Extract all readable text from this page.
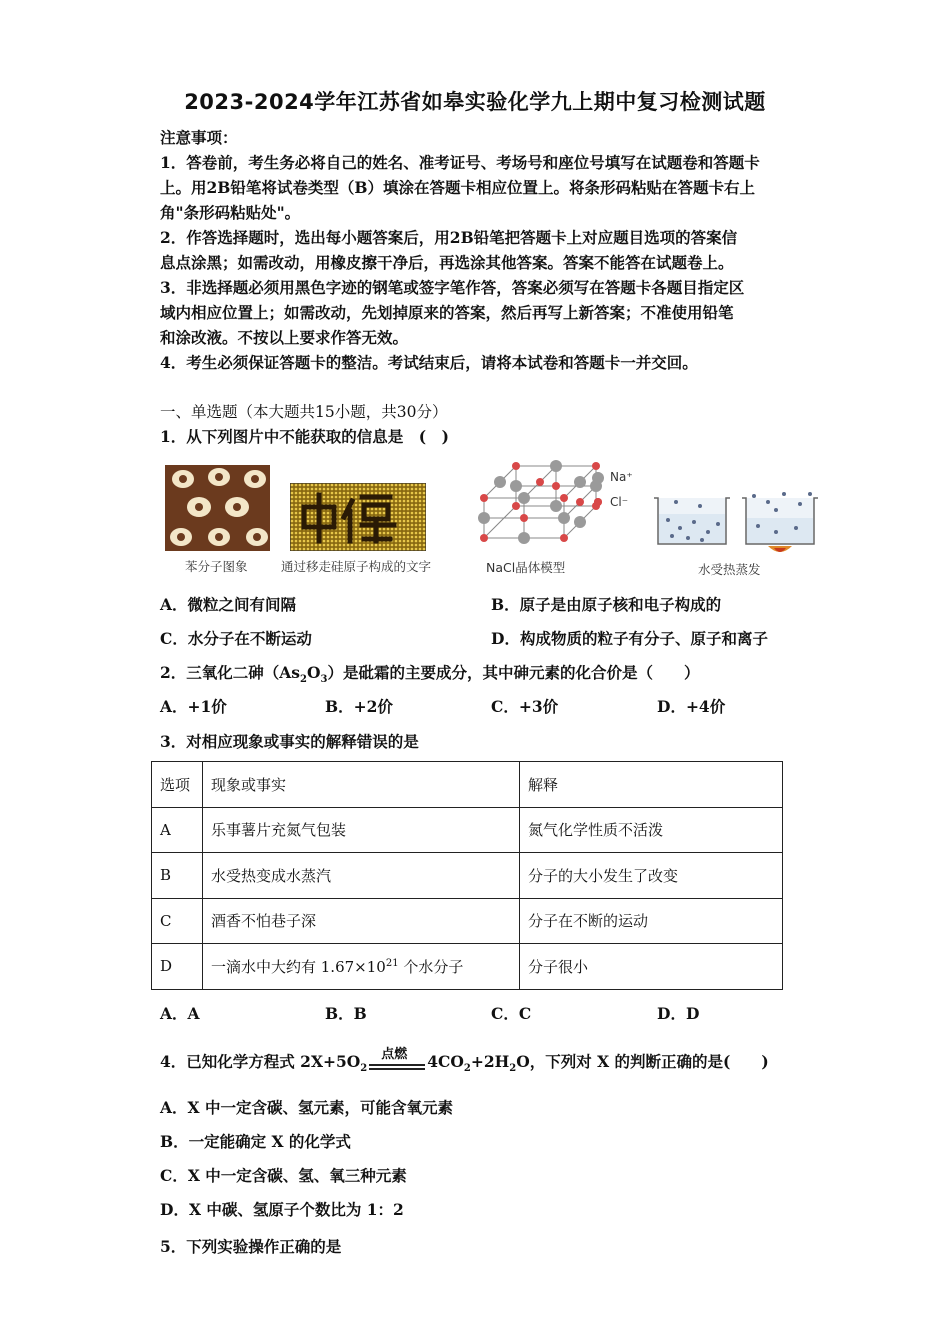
2023-2024学年江苏省如皋实验化学九上期中复习检测试题
注意事项：
1．答卷前，考生务必将自己的姓名、准考证号、考场号和座位号填写在试题卷和答题卡
上。用2B铅笔将试卷类型（B）填涂在答题卡相应位置上。将条形码粘贴在答题卡右上
角"条形码粘贴处"。
2．作答选择题时，选出每小题答案后，用2B铅笔把答题卡上对应题目选项的答案信
息点涂黑；如需改动，用橡皮擦干净后，再选涂其他答案。答案不能答在试题卷上。
3．非选择题必须用黑色字迹的钢笔或签字笔作答，答案必须写在答题卡各题目指定区
域内相应位置上；如需改动，先划掉原来的答案，然后再写上新答案；不准使用铅笔
和涂改液。不按以上要求作答无效。
4．考生必须保证答题卡的整洁。考试结束后，请将本试卷和答题卡一并交回。
一、单选题（本大题共15小题，共30分）
1．从下列图片中不能获取的信息是　(　)
苯分子图象	通过移走硅原子构成的文字
Na⁺
Cl⁻
NaCl晶体模型	水受热蒸发
A．微粒之间有间隔	B．原子是由原子核和电子构成的
C．水分子在不断运动	D．构成物质的粒子有分子、原子和离子
2．三氧化二砷$(As_2O_3)$是砒霜的主要成分，其中砷元素的化合价是（　　）
A．+1价	B．+2价	C．+3价	D．+4价
3．对相应现象或事实的解释错误的是
选项	现象或事实	解释
A	乐事薯片充氮气包装	氮气化学性质不活泼
B	水受热变成水蒸汽	分子的大小发生了改变
C	酒香不怕巷子深	分子在不断的运动
D	一滴水中大约有 $1.67\times 10^{21}$ 个水分子	分子很小
A．A	B．B	C．C	D．D
4．已知化学方程式 $2X+5O_2$
点燃 $4CO_2+2H_2O$，下列对 X 的判断正确的是(　　)
A．X 中一定含碳、氢元素，可能含氧元素
B．一定能确定 X 的化学式
C．X 中一定含碳、氢、氧三种元素
D．X 中碳、氢原子个数比为 1：2
5．下列实验操作正确的是
